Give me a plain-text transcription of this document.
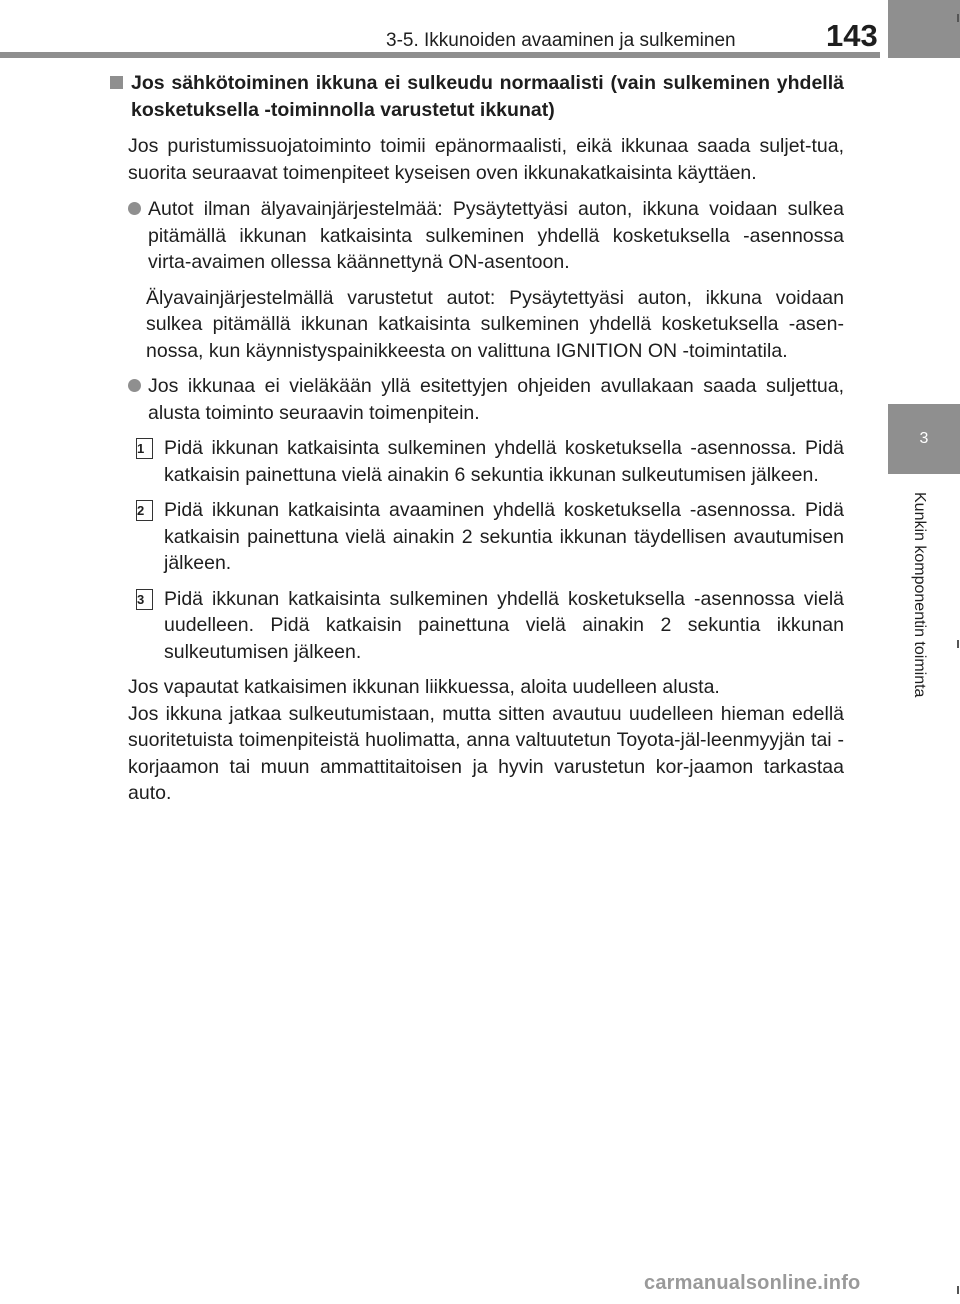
3-5. Ikkunoiden avaaminen ja sulkeminen	143
3
Kunkin komponentin toiminta

Jos sähkötoiminen ikkuna ei sulkeudu normaalisti (vain sulkeminen yhdellä kosketuksella -toiminnolla varustetut ikkunat)

Jos puristumissuojatoiminto toimii epänormaalisti, eikä ikkunaa saada suljet-tua, suorita seuraavat toimenpiteet kyseisen oven ikkunakatkaisinta käyttäen.

Autot ilman älyavainjärjestelmää: Pysäytettyäsi auton, ikkuna voidaan sulkea pitämällä ikkunan katkaisinta sulkeminen yhdellä kosketuksella -asennossa virta-avaimen ollessa käännettynä ON-asentoon.

Älyavainjärjestelmällä varustetut autot: Pysäytettyäsi auton, ikkuna voidaan sulkea pitämällä ikkunan katkaisinta sulkeminen yhdellä kosketuksella -asen-nossa, kun käynnistyspainikkeesta on valittuna IGNITION ON -toimintatila.

Jos ikkunaa ei vieläkään yllä esitettyjen ohjeiden avullakaan saada suljettua, alusta toiminto seuraavin toimenpitein.

1	Pidä ikkunan katkaisinta sulkeminen yhdellä kosketuksella -asennossa. Pidä katkaisin painettuna vielä ainakin 6 sekuntia ikkunan sulkeutumisen jälkeen.

2	Pidä ikkunan katkaisinta avaaminen yhdellä kosketuksella -asennossa. Pidä katkaisin painettuna vielä ainakin 2 sekuntia ikkunan täydellisen avautumisen jälkeen.

3	Pidä ikkunan katkaisinta sulkeminen yhdellä kosketuksella -asennossa vielä uudelleen. Pidä katkaisin painettuna vielä ainakin 2 sekuntia ikkunan sulkeutumisen jälkeen.

Jos vapautat katkaisimen ikkunan liikkuessa, aloita uudelleen alusta.

Jos ikkuna jatkaa sulkeutumistaan, mutta sitten avautuu uudelleen hieman edellä suoritetuista toimenpiteistä huolimatta, anna valtuutetun Toyota-jäl-leenmyyjän tai -korjaamon tai muun ammattitaitoisen ja hyvin varustetun kor-jaamon tarkastaa auto.

carmanualsonline.info
